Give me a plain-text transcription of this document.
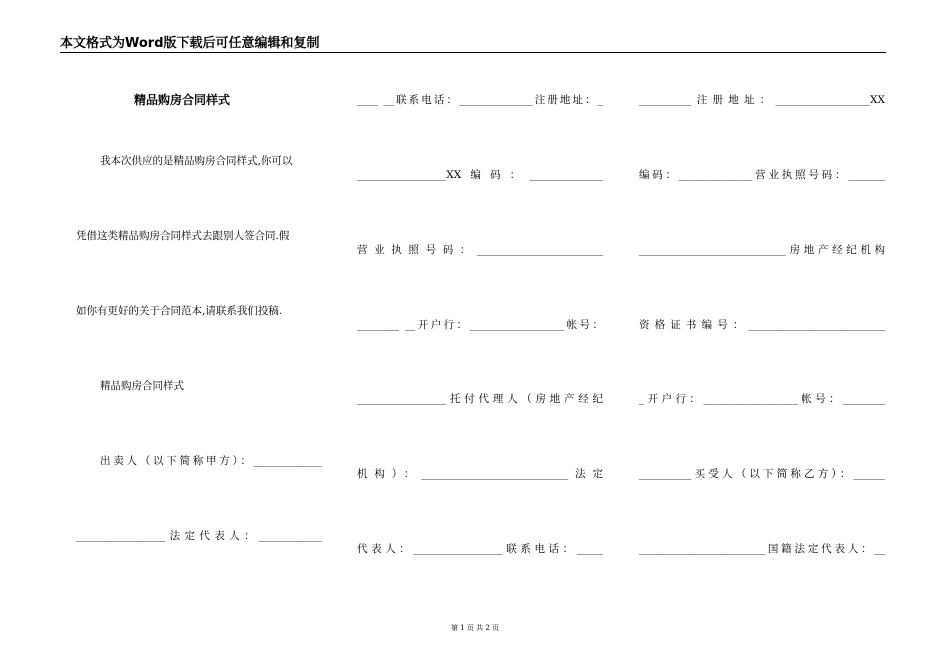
本文格式为Word版下载后可任意编辑和复制
精品购房合同样式
我本次供应的是精品购房合同样式,你可以
凭借这类精品购房合同样式去跟别人签合同.假
如你有更好的关于合同范本,请联系我们投稿.
精品购房合同样式
出卖人（以下简称甲方）：_____________
_________________法定代表人：____________
____ __联系电话：______________注册地址：_
_________________XX编码：______________
营业执照号码：________________________
________ __开户行：__________________帐号：
_________________托付代理人（房地产经纪
机构）：____________________________法定
代表人：_________________联系电话：_____
__________注册地址：__________________XX
编码：______________营业执照号码：_______
____________________________房地产经纪机构
资格证书编号：__________________________
_开户行：__________________帐号：________
__________买受人（以下简称乙方）：______
________________________国籍法定代表人：__
第 1 页 共 2 页
